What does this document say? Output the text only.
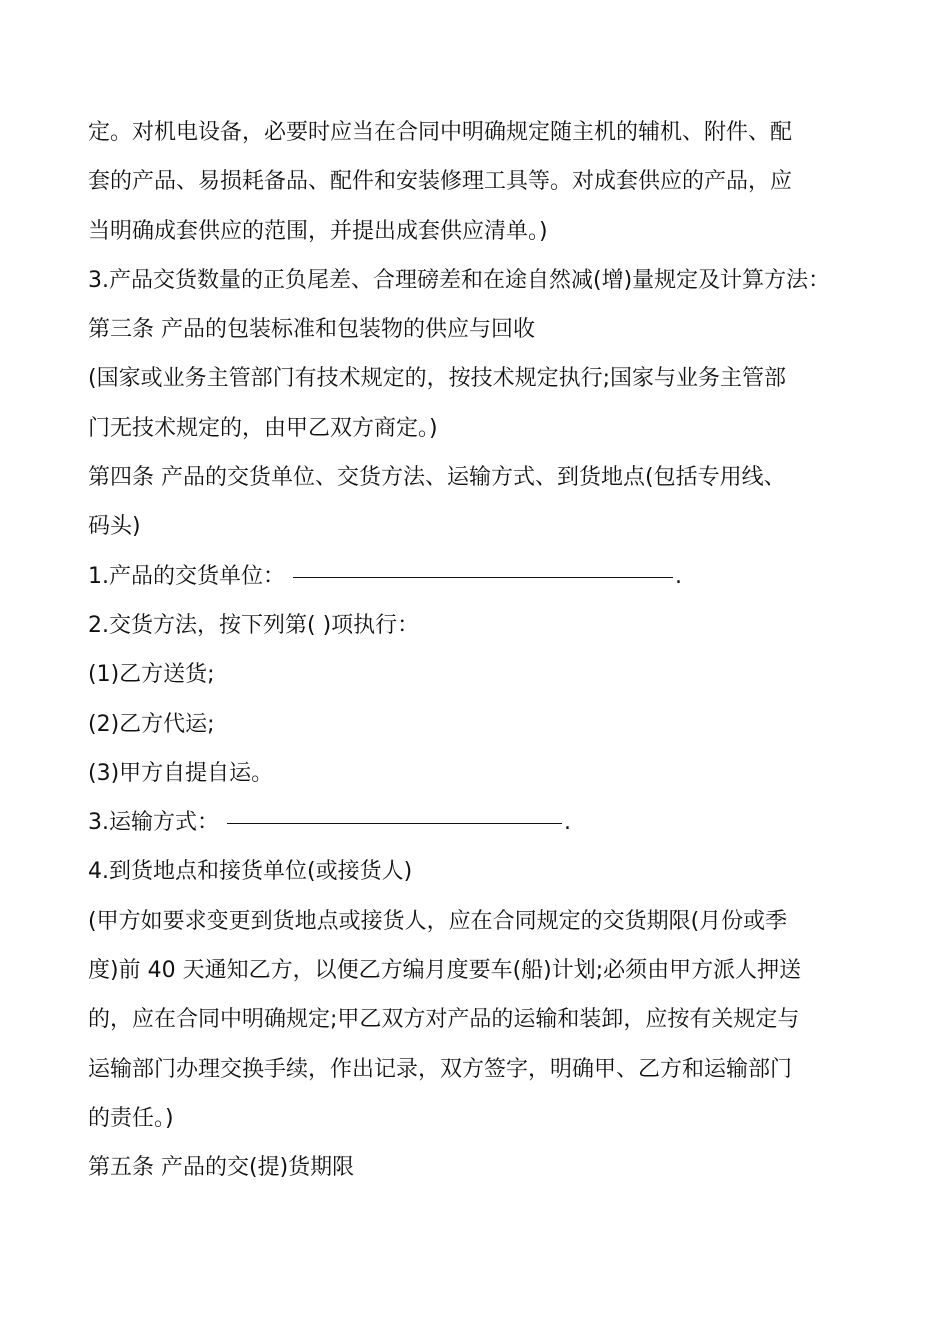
定。对机电设备，必要时应当在合同中明确规定随主机的辅机、附件、配
套的产品、易损耗备品、配件和安装修理工具等。对成套供应的产品，应
当明确成套供应的范围，并提出成套供应清单。)
3.产品交货数量的正负尾差、合理磅差和在途自然减(增)量规定及计算方法：
第三条 产品的包装标准和包装物的供应与回收
(国家或业务主管部门有技术规定的，按技术规定执行;国家与业务主管部
门无技术规定的，由甲乙双方商定。)
第四条 产品的交货单位、交货方法、运输方式、到货地点(包括专用线、
码头)
1.产品的交货单位：	.
2.交货方法，按下列第( )项执行：
(1)乙方送货;
(2)乙方代运;
(3)甲方自提自运。
3.运输方式：	.
4.到货地点和接货单位(或接货人)
(甲方如要求变更到货地点或接货人，应在合同规定的交货期限(月份或季
度)前 40 天通知乙方，以便乙方编月度要车(船)计划;必须由甲方派人押送
的，应在合同中明确规定;甲乙双方对产品的运输和装卸，应按有关规定与
运输部门办理交换手续，作出记录，双方签字，明确甲、乙方和运输部门
的责任。)
第五条 产品的交(提)货期限
